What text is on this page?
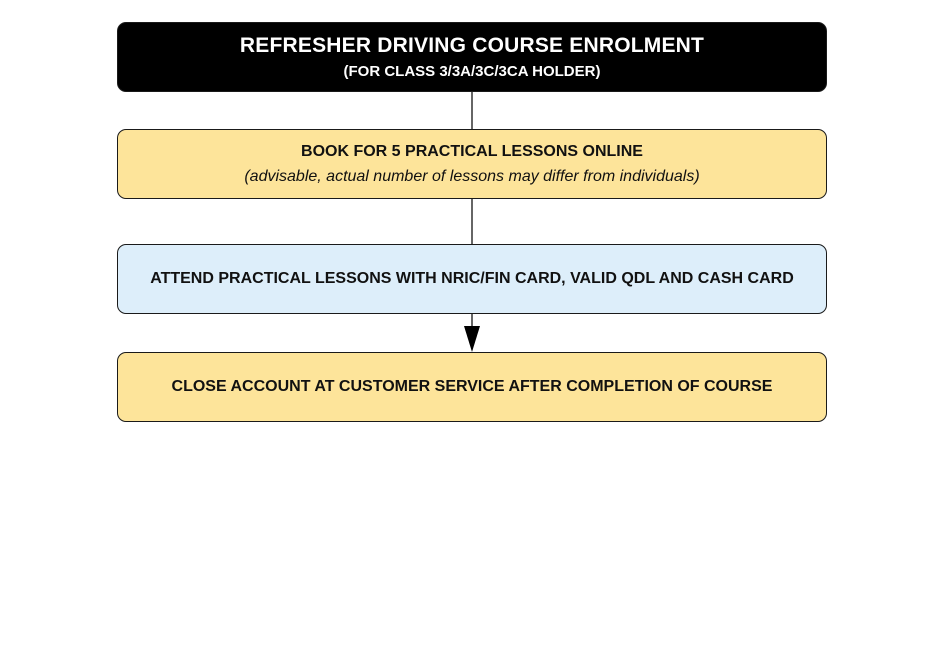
REFRESHER DRIVING COURSE ENROLMENT
(FOR CLASS 3/3A/3C/3CA HOLDER)
BOOK FOR 5 PRACTICAL LESSONS ONLINE
(advisable, actual number of lessons may differ from individuals)
ATTEND PRACTICAL LESSONS WITH NRIC/FIN CARD, VALID QDL AND CASH CARD
CLOSE ACCOUNT AT CUSTOMER SERVICE AFTER COMPLETION OF COURSE
